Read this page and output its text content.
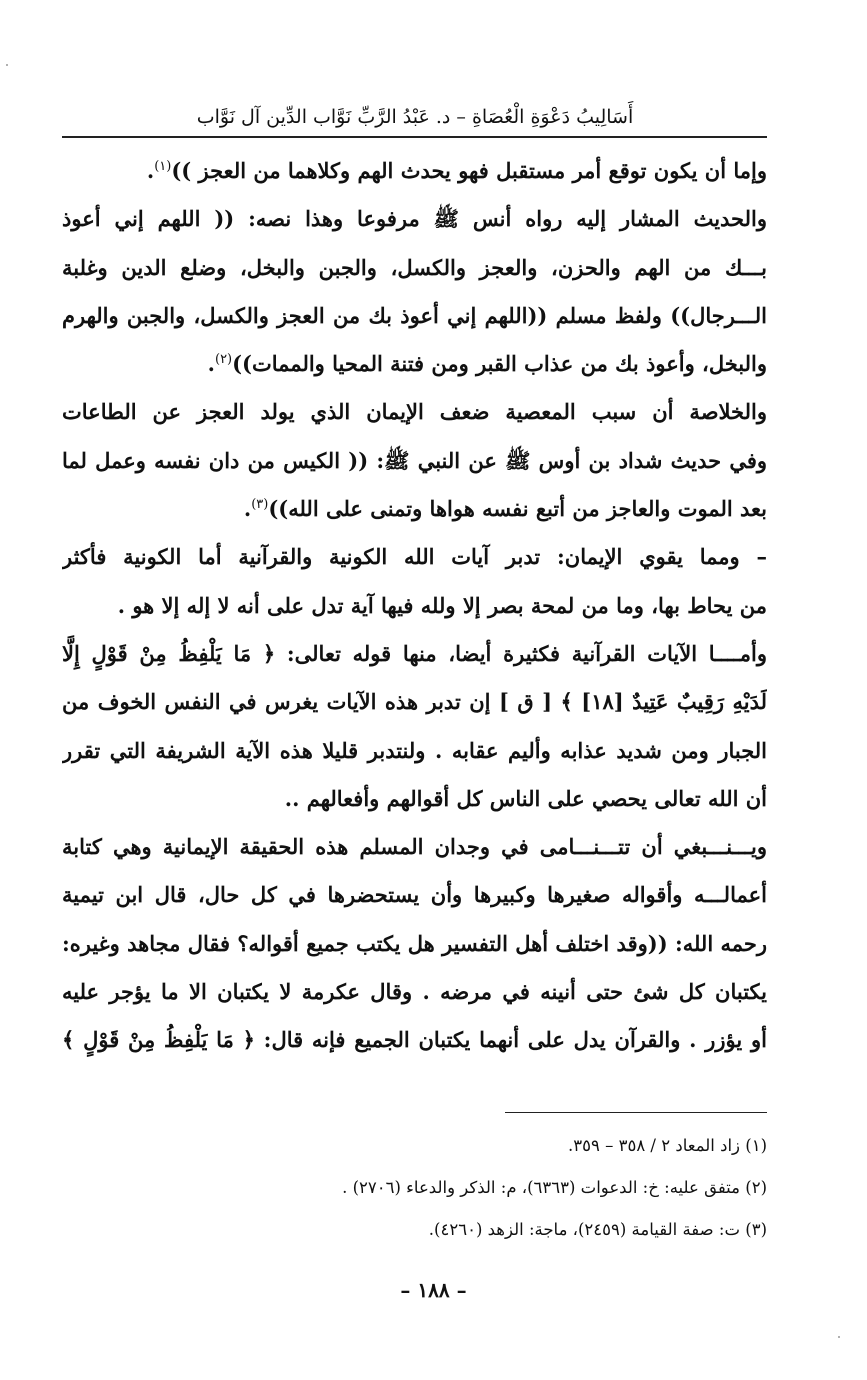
أَسَالِيبُ دَعْوَةِ الْعُصَاةِ – د. عَبْدُ الرَّبِّ نَوَّاب الدِّين آل نَوَّاب
وإما أن يكون توقع أمر مستقبل فهو يحدث الهم وكلاهما من العجز ))$^{(١)}$.
والحديث المشار إليه رواه أنس ﷺ مرفوعا وهذا نصه: (( اللهم إني أعوذ
بـــك من الهم والحزن، والعجز والكسل، والجبن والبخل، وضلع الدين وغلبة
الـــرجال)) ولفظ مسلم ((اللهم إني أعوذ بك من العجز والكسل، والجبن والهرم
والبخل، وأعوذ بك من عذاب القبر ومن فتنة المحيا والممات))$^{(٢)}$.
والخلاصة أن سبب المعصية ضعف الإيمان الذي يولد العجز عن الطاعات
وفي حديث شداد بن أوس ﷺ عن النبي ﷺ: (( الكيس من دان نفسه وعمل لما
بعد الموت والعاجز من أتبع نفسه هواها وتمنى على الله))$^{(٣)}$.
– ومما يقوي الإيمان: تدبر آيات الله الكونية والقرآنية أما الكونية فأكثر
من يحاط بها، وما من لمحة بصر إلا ولله فيها آية تدل على أنه لا إله إلا هو .
وأمــــا الآيات القرآنية فكثيرة أيضا، منها قوله تعالى: ﴿ مَا يَلْفِظُ مِنْ قَوْلٍ إِلَّا
لَدَيْهِ رَقِيبٌ عَتِيدٌ [١٨] ﴾ [ ق ] إن تدبر هذه الآيات يغرس في النفس الخوف من
الجبار ومن شديد عذابه وأليم عقابه . ولنتدبر قليلا هذه الآية الشريفة التي تقرر
أن الله تعالى يحصي على الناس كل أقوالهم وأفعالهم ..
ويـــنـــبغي أن تتـــنـــامى في وجدان المسلم هذه الحقيقة الإيمانية وهي كتابة
أعمالـــه وأقواله صغيرها وكبيرها وأن يستحضرها في كل حال، قال ابن تيمية
رحمه الله: ((وقد اختلف أهل التفسير هل يكتب جميع أقواله؟ فقال مجاهد وغيره:
يكتبان كل شئ حتى أنينه في مرضه . وقال عكرمة لا يكتبان الا ما يؤجر عليه
أو يؤزر . والقرآن يدل على أنهما يكتبان الجميع فإنه قال: ﴿ مَا يَلْفِظُ مِنْ قَوْلٍ ﴾
(١) زاد المعاد ٢ / ٣٥٨ – ٣٥٩.
(٢) متفق عليه: خ: الدعوات (٦٣٦٣)، م: الذكر والدعاء (٢٧٠٦) .
(٣) ت: صفة القيامة (٢٤٥٩)، ماجة: الزهد (٤٢٦٠).
– ١٨٨ –
